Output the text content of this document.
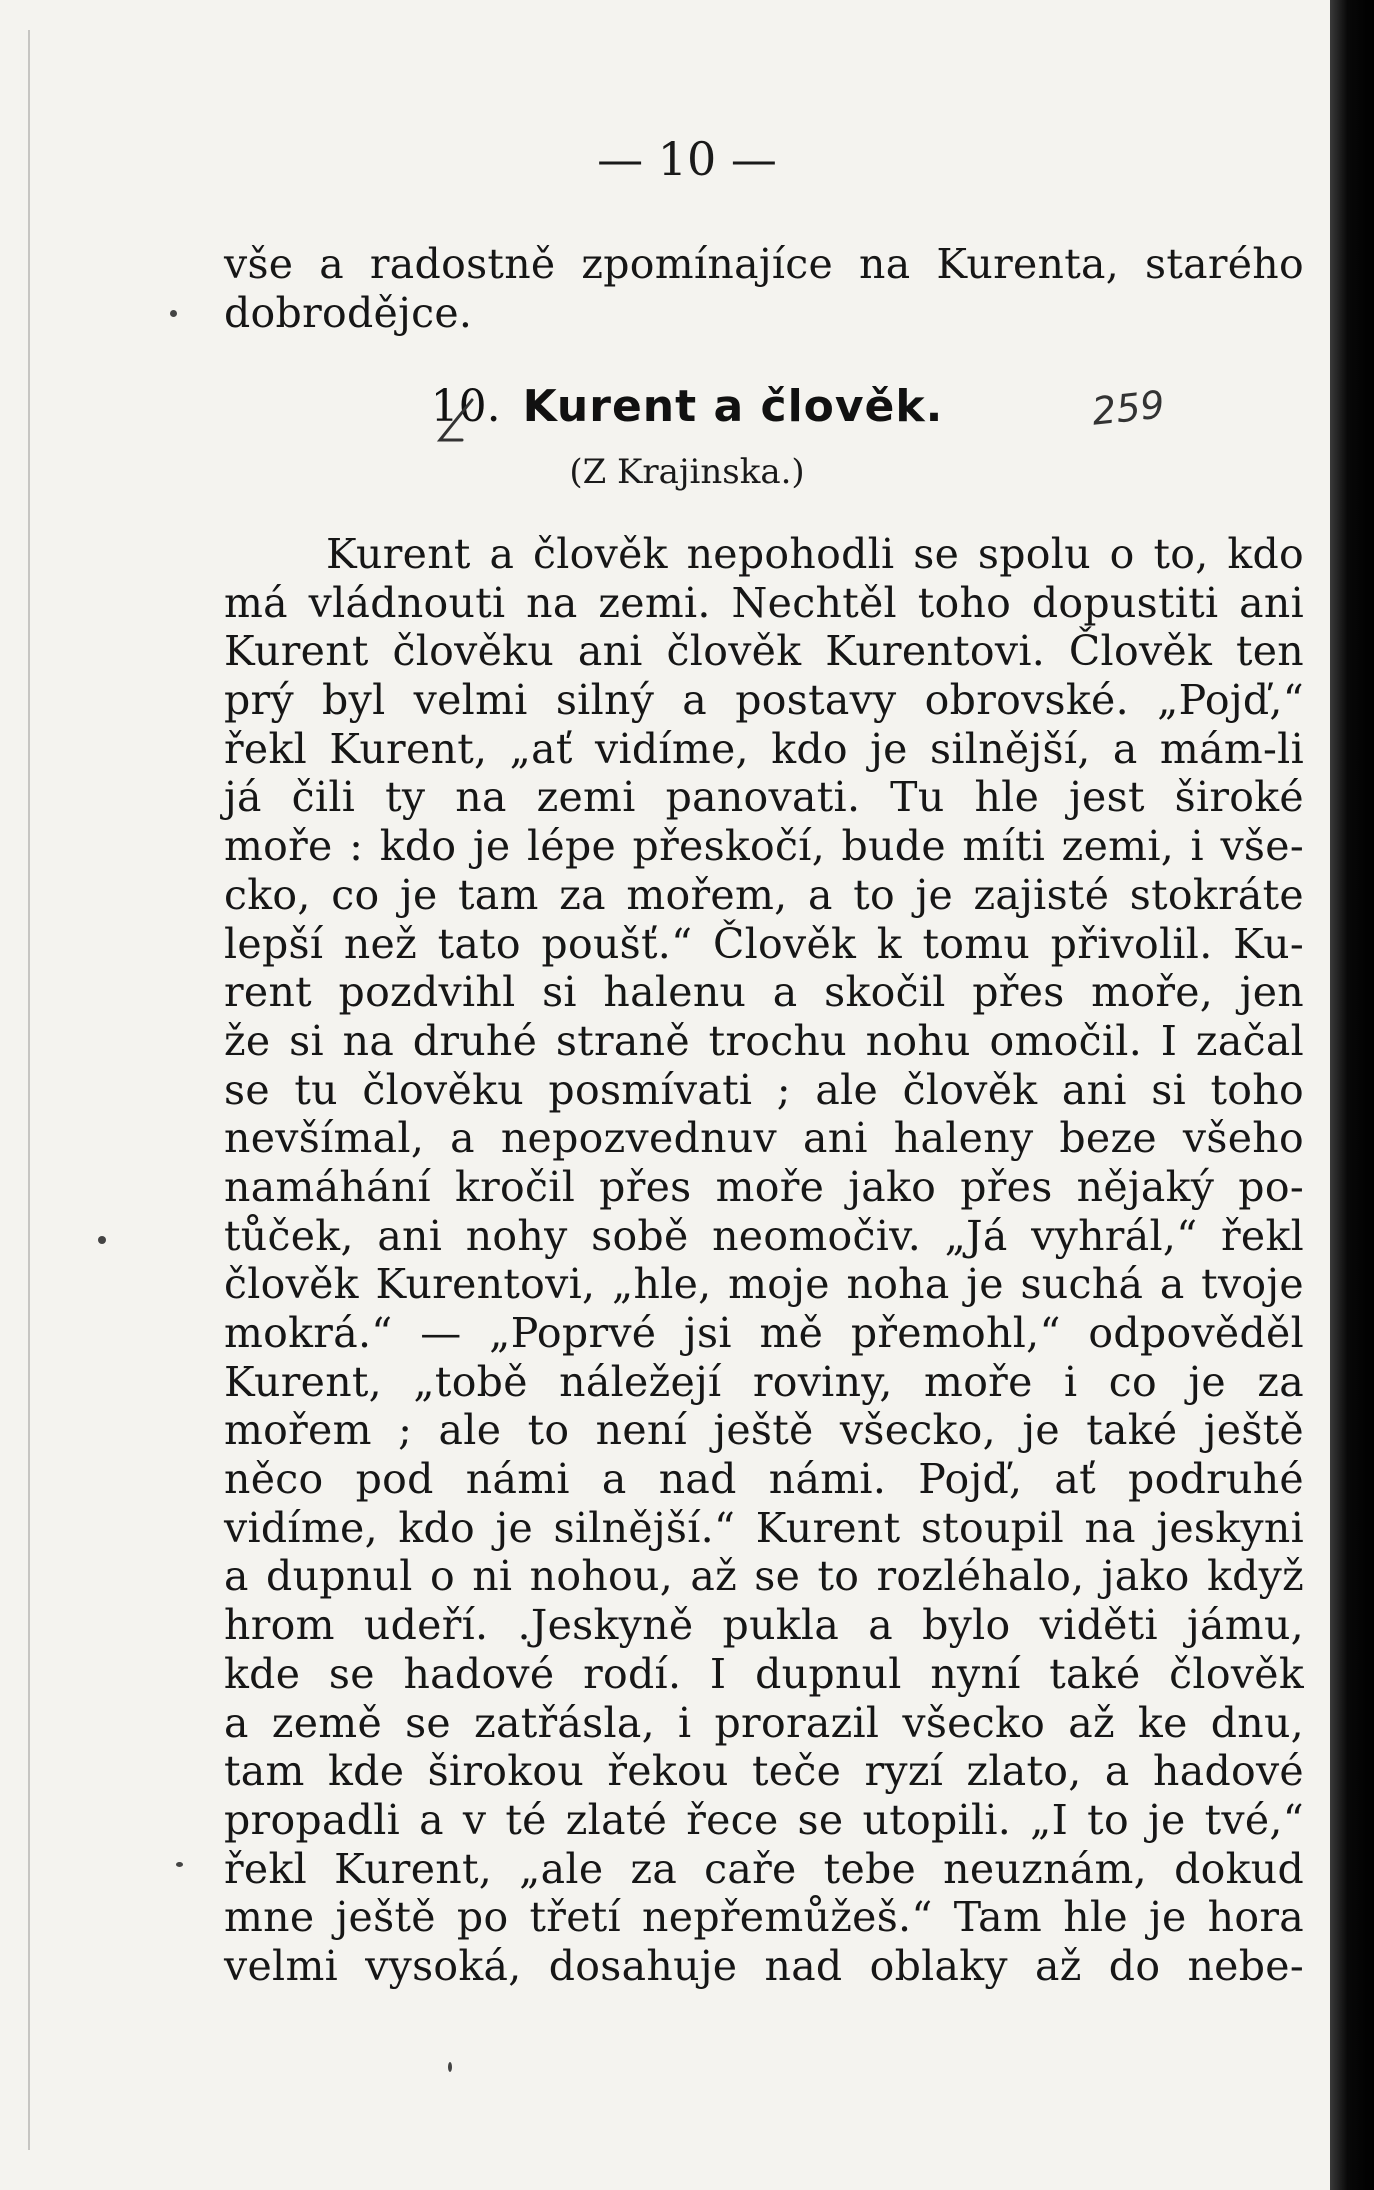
— 10 —
vše a radostně zpomínajíce na Kurenta, starého
dobrodějce.
10. Kurent a člověk.	259
(Z Krajinska.)
Kurent a člověk nepohodli se spolu o to, kdo
má vládnouti na zemi. Nechtěl toho dopustiti ani
Kurent člověku ani člověk Kurentovi. Člověk ten
prý byl velmi silný a postavy obrovské. „Pojď,“
řekl Kurent, „ať vidíme, kdo je silnější, a mám-li
já čili ty na zemi panovati. Tu hle jest široké
moře : kdo je lépe přeskočí, bude míti zemi, i vše-
cko, co je tam za mořem, a to je zajisté stokráte
lepší než tato poušť.“ Člověk k tomu přivolil. Ku-
rent pozdvihl si halenu a skočil přes moře, jen
že si na druhé straně trochu nohu omočil. I začal
se tu člověku posmívati ; ale člověk ani si toho
nevšímal, a nepozvednuv ani haleny beze všeho
namáhání kročil přes moře jako přes nějaký po-
tůček, ani nohy sobě neomočiv. „Já vyhrál,“ řekl
člověk Kurentovi, „hle, moje noha je suchá a tvoje
mokrá.“ — „Poprvé jsi mě přemohl,“ odpověděl
Kurent, „tobě náležejí roviny, moře i co je za
mořem ; ale to není ještě všecko, je také ještě
něco pod námi a nad námi. Pojď, ať podruhé
vidíme, kdo je silnější.“ Kurent stoupil na jeskyni
a dupnul o ni nohou, až se to rozléhalo, jako když
hrom udeří. .Jeskyně pukla a bylo viděti jámu,
kde se hadové rodí. I dupnul nyní také člověk
a země se zatřásla, i prorazil všecko až ke dnu,
tam kde širokou řekou teče ryzí zlato, a hadové
propadli a v té zlaté řece se utopili. „I to je tvé,“
řekl Kurent, „ale za caře tebe neuznám, dokud
mne ještě po třetí nepřemůžeš.“ Tam hle je hora
velmi vysoká, dosahuje nad oblaky až do nebe-
